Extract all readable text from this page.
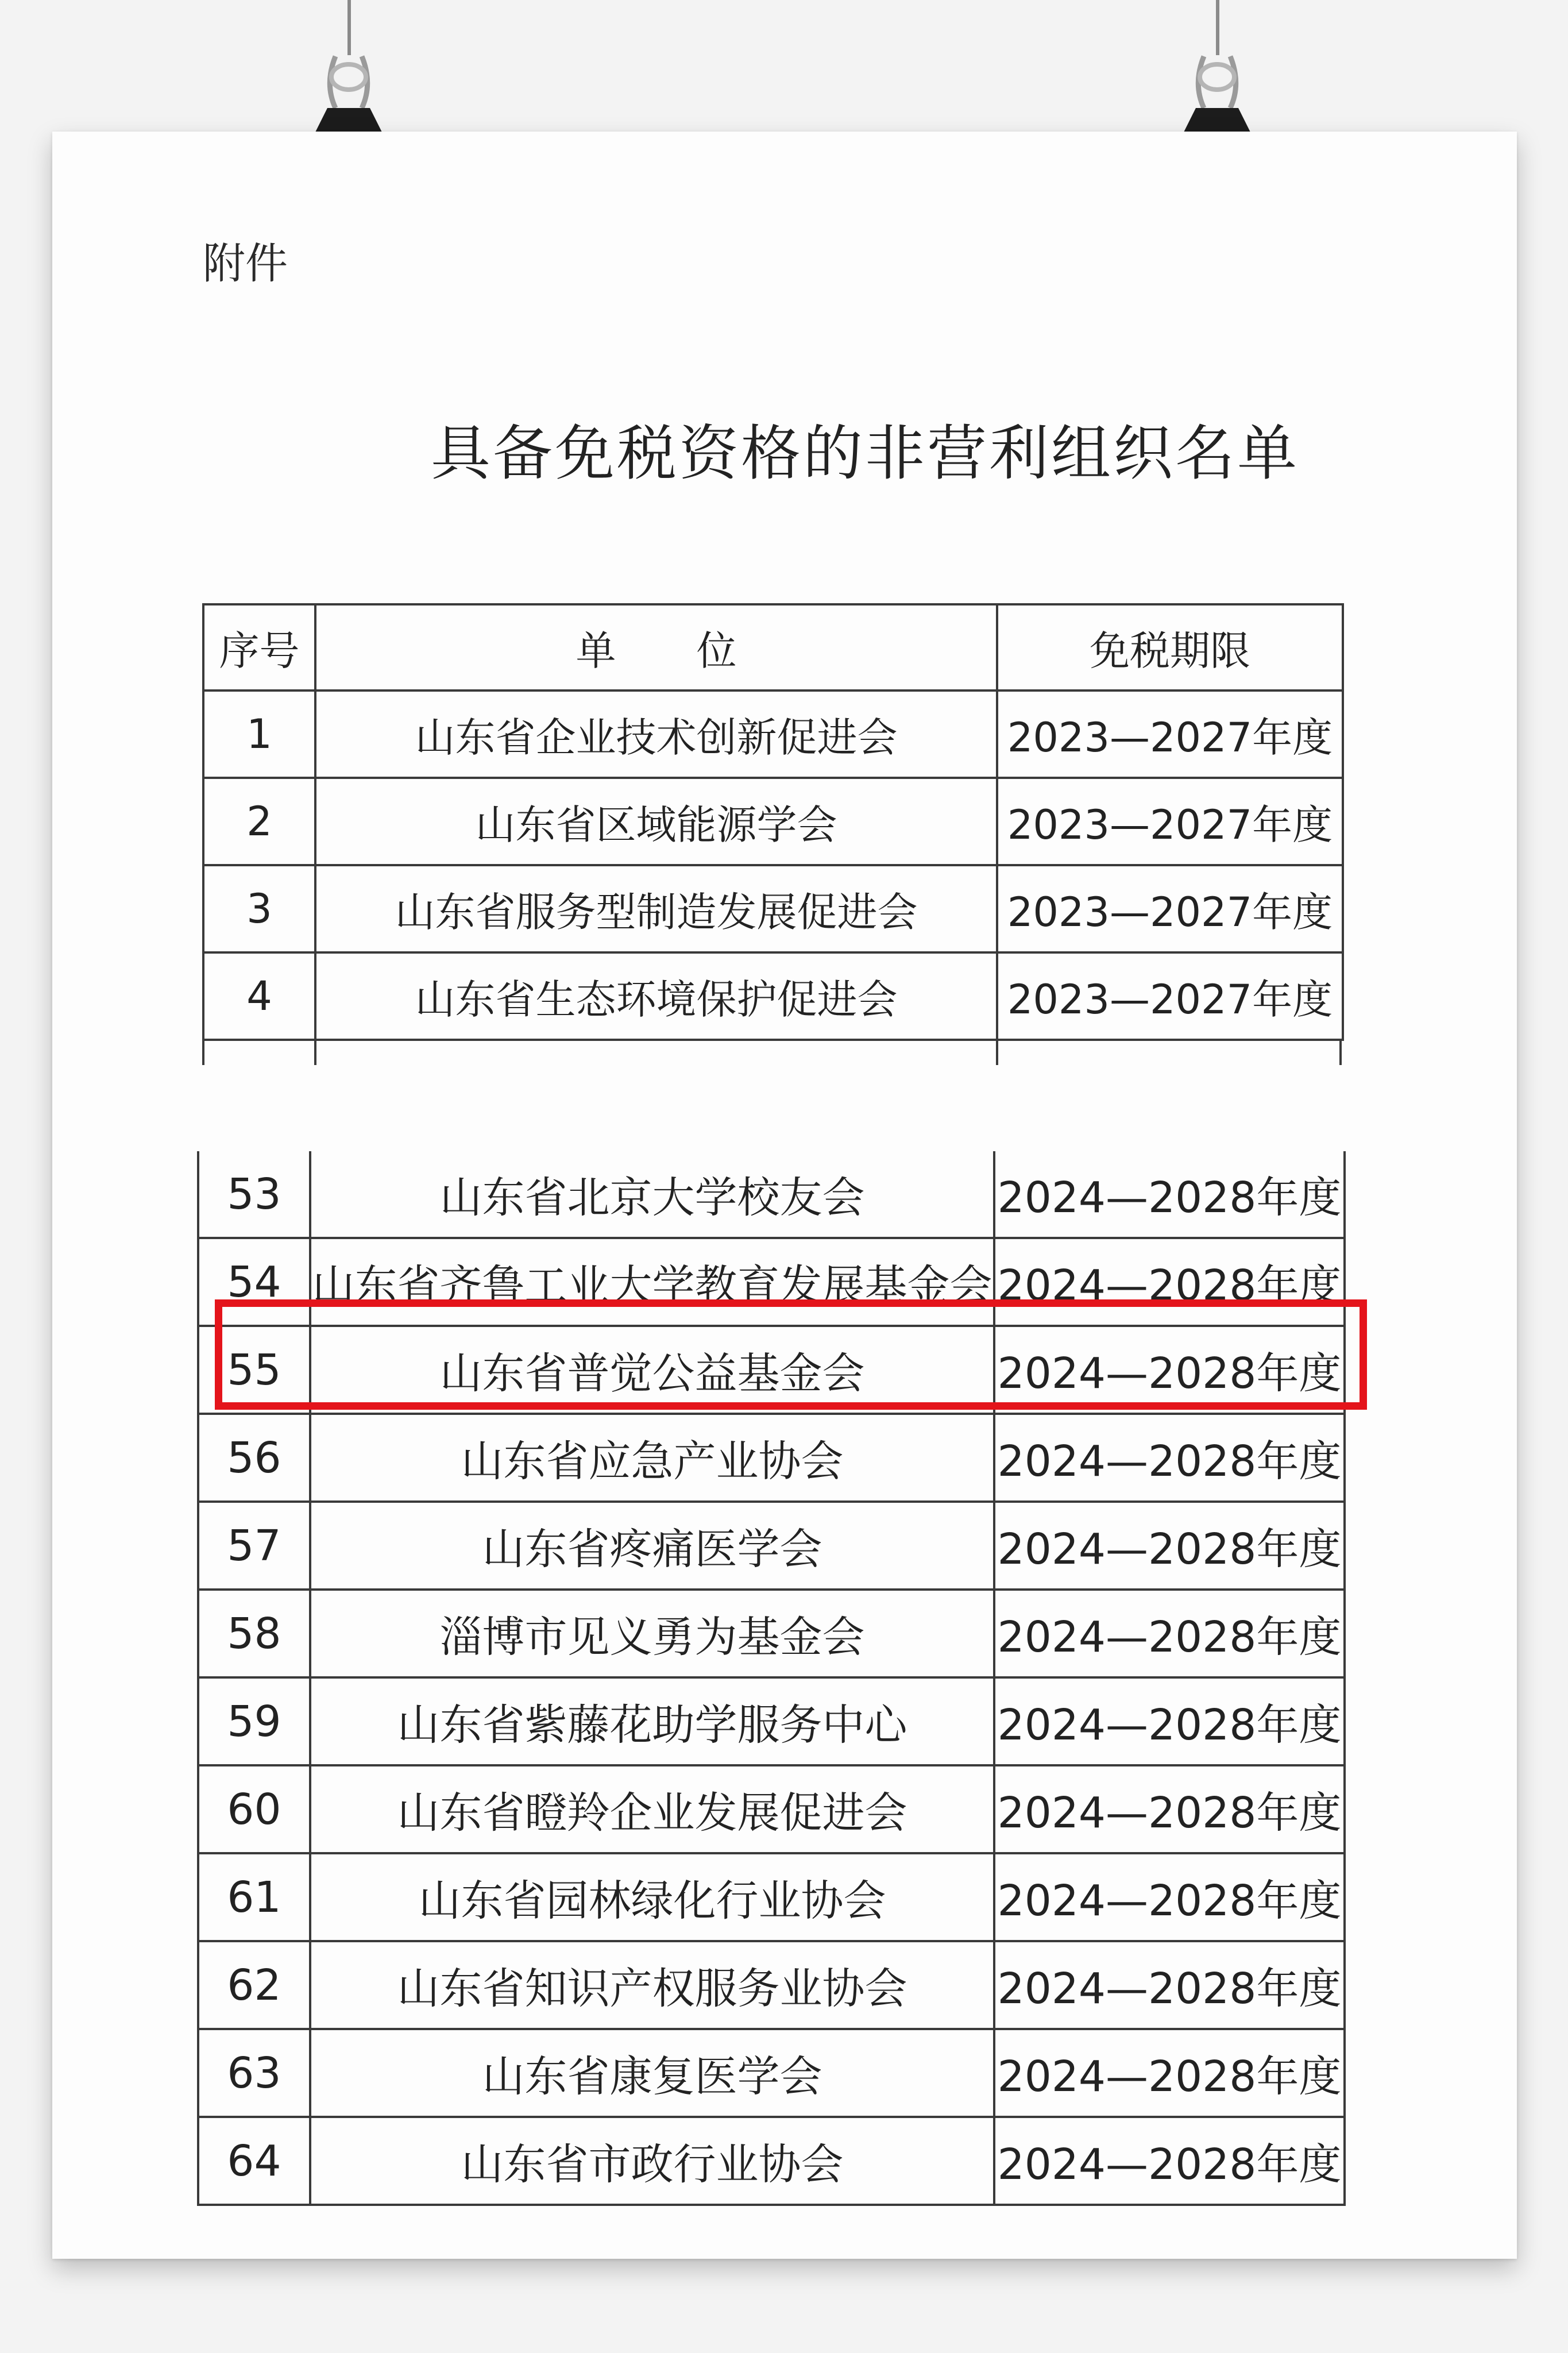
附件
具备免税资格的非营利组织名单
序号	单　　位	免税期限
1	山东省企业技术创新促进会	2023—2027年度
2	山东省区域能源学会	2023—2027年度
3	山东省服务型制造发展促进会	2023—2027年度
4	山东省生态环境保护促进会	2023—2027年度
53	山东省北京大学校友会	2024—2028年度
54	山东省齐鲁工业大学教育发展基金会	2024—2028年度
55	山东省普觉公益基金会	2024—2028年度
56	山东省应急产业协会	2024—2028年度
57	山东省疼痛医学会	2024—2028年度
58	淄博市见义勇为基金会	2024—2028年度
59	山东省紫藤花助学服务中心	2024—2028年度
60	山东省瞪羚企业发展促进会	2024—2028年度
61	山东省园林绿化行业协会	2024—2028年度
62	山东省知识产权服务业协会	2024—2028年度
63	山东省康复医学会	2024—2028年度
64	山东省市政行业协会	2024—2028年度
